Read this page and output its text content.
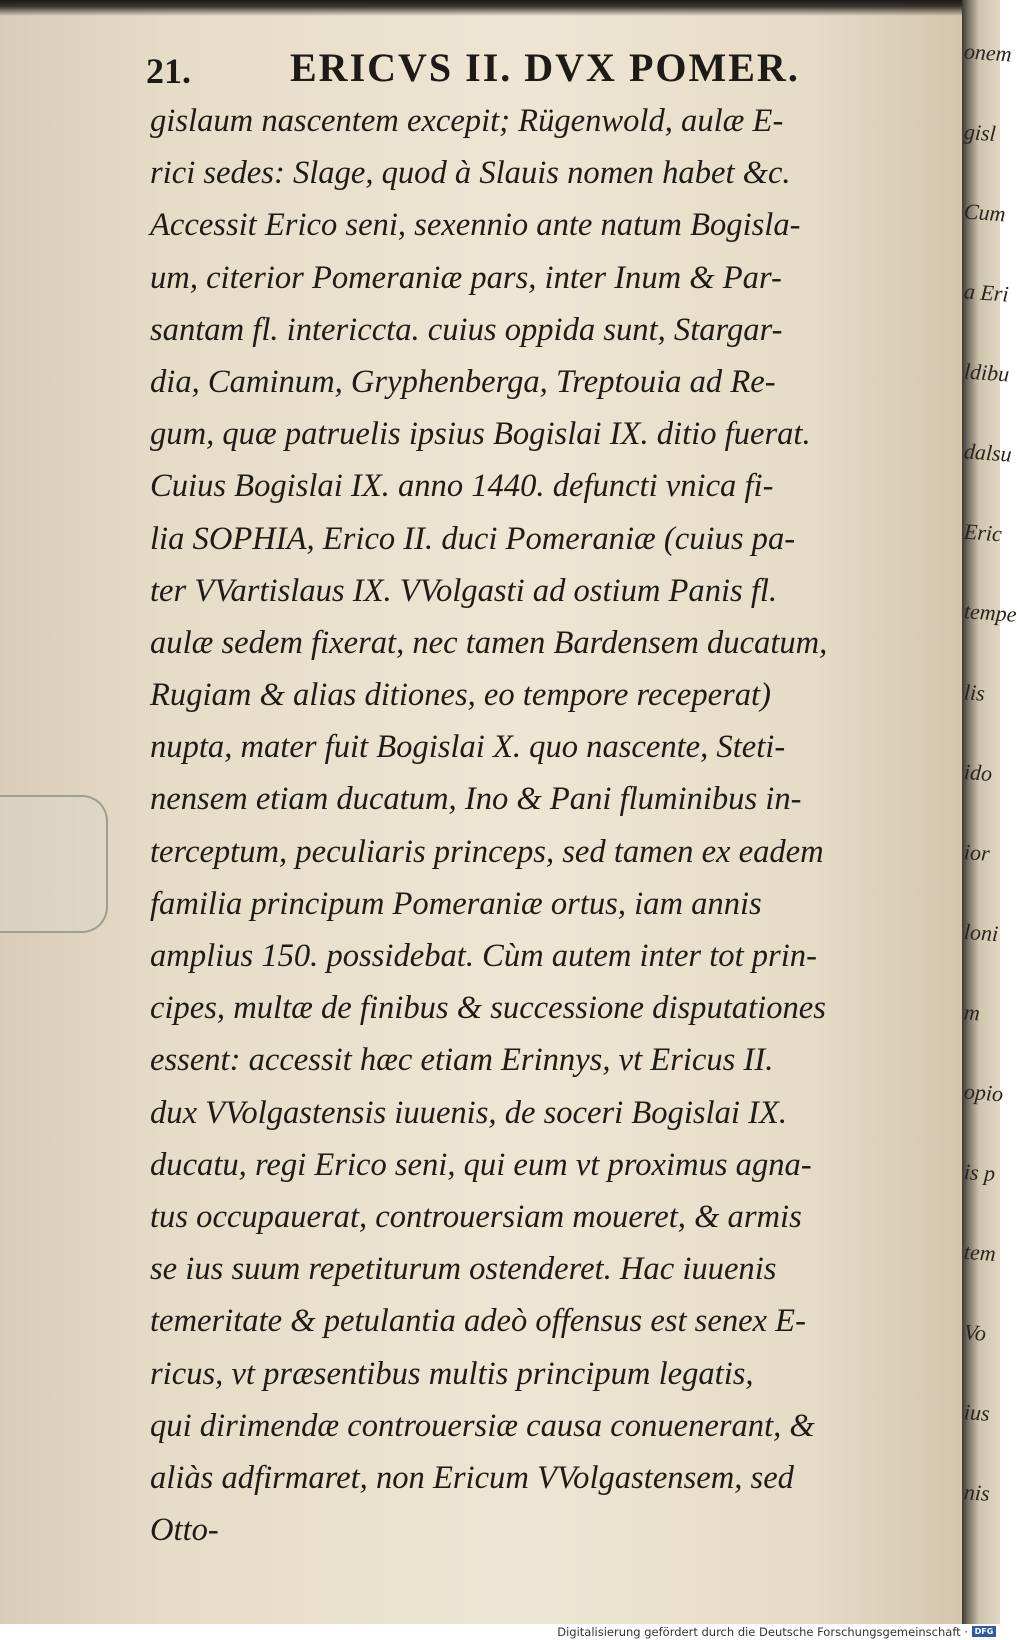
21. ERICVS II. DVX POMER.
gislaum nascentem excepit; Rügenwold, aulæ E-
rici sedes: Slage, quod à Slauis nomen habet &c.
Accessit Erico seni, sexennio ante natum Bogisla-
um, citerior Pomeraniæ pars, inter Inum & Par-
santam fl. intericcta. cuius oppida sunt, Stargar-
dia, Caminum, Gryphenberga, Treptouia ad Re-
gum, quæ patruelis ipsius Bogislai IX. ditio fuerat.
Cuius Bogislai IX. anno 1440. defuncti vnica fi-
lia SOPHIA, Erico II. duci Pomeraniæ (cuius pa-
ter VVartislaus IX. VVolgasti ad ostium Panis fl.
aulæ sedem fixerat, nec tamen Bardensem ducatum,
Rugiam & alias ditiones, eo tempore receperat)
nupta, mater fuit Bogislai X. quo nascente, Steti-
nensem etiam ducatum, Ino & Pani fluminibus in-
terceptum, peculiaris princeps, sed tamen ex eadem
familia principum Pomeraniæ ortus, iam annis
amplius 150. possidebat. Cùm autem inter tot prin-
cipes, multæ de finibus & successione disputationes
essent: accessit hæc etiam Erinnys, vt Ericus II.
dux VVolgastensis iuuenis, de soceri Bogislai IX.
ducatu, regi Erico seni, qui eum vt proximus agna-
tus occupauerat, controuersiam moueret, & armis
se ius suum repetiturum ostenderet. Hac iuuenis
temeritate & petulantia adeò offensus est senex E-
ricus, vt præsentibus multis principum legatis,
qui dirimendæ controuersiæ causa conuenerant, &
aliàs adfirmaret, non Ericum VVolgastensem, sed
Otto-
onem
gisl
Cum
a Eri
ldibu
dalsu
Eric
tempe
lis
ido
ior
loni
m
opio
is p
tem
Vo
ius
nis
Digitalisierung gefördert durch die Deutsche Forschungsgemeinschaft · DFG
